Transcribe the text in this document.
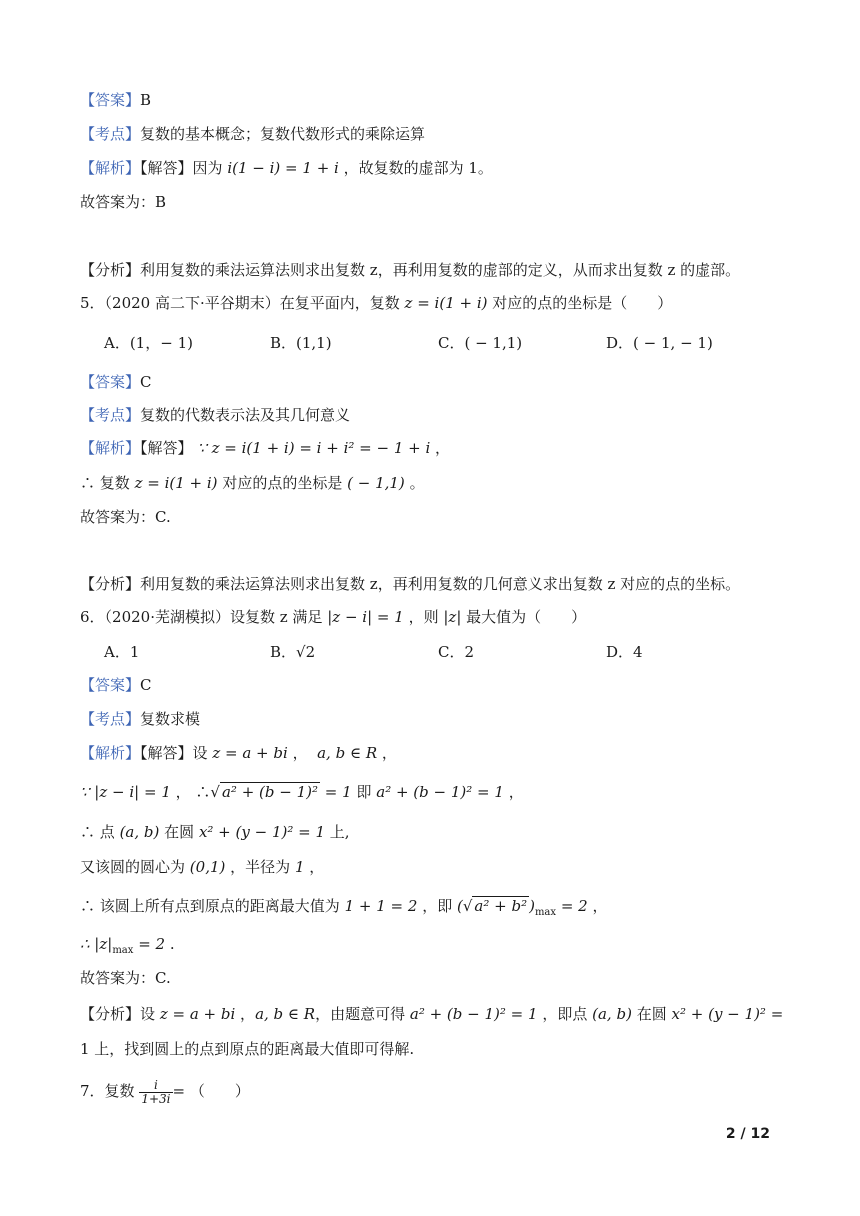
【答案】B
【考点】复数的基本概念；复数代数形式的乘除运算
【解析】【解答】因为 i(1 − i) = 1 + i ，故复数的虚部为 1。
故答案为：B
【分析】利用复数的乘法运算法则求出复数 z，再利用复数的虚部的定义，从而求出复数 z 的虚部。
5．（2020 高二下·平谷期末）在复平面内，复数 z = i(1 + i) 对应的点的坐标是（　　）
A．(1，− 1)	B．(1,1)	C．( − 1,1)	D．( − 1, − 1)
【答案】C
【考点】复数的代数表示法及其几何意义
【解析】【解答】 ∵ z = i(1 + i) = i + i² = − 1 + i ，
∴ 复数 z = i(1 + i) 对应的点的坐标是 ( − 1,1) 。
故答案为：C.
【分析】利用复数的乘法运算法则求出复数 z，再利用复数的几何意义求出复数 z 对应的点的坐标。
6．（2020·芜湖模拟）设复数 z 满足 |z − i| = 1 ，则 |z| 最大值为（　　）
A．1	B．√2	C．2	D．4
【答案】C
【考点】复数求模
【解析】【解答】设 z = a + bi ，  a, b ∈ R ，
∵ |z − i| = 1 ， ∴√ a² + (b − 1)² = 1 即 a² + (b − 1)² = 1 ，
∴ 点 (a, b) 在圆 x² + (y − 1)² = 1 上,
又该圆的圆心为 (0,1) ，半径为 1 ，
∴ 该圆上所有点到原点的距离最大值为 1 + 1 = 2 ，即 (√ a² + b² )$_{max} = 2$ ，
∴ $|z|_{max} = 2$ .
故答案为：C.
【分析】设 z = a + bi ，a, b ∈ R，由题意可得 a² + (b − 1)² = 1 ，即点 (a, b) 在圆 x² + (y − 1)² =
1 上，找到圆上的点到原点的距离最大值即可得解.
7．复数 $\frac{i}{1+3i}$ = （　　）
2 / 12
